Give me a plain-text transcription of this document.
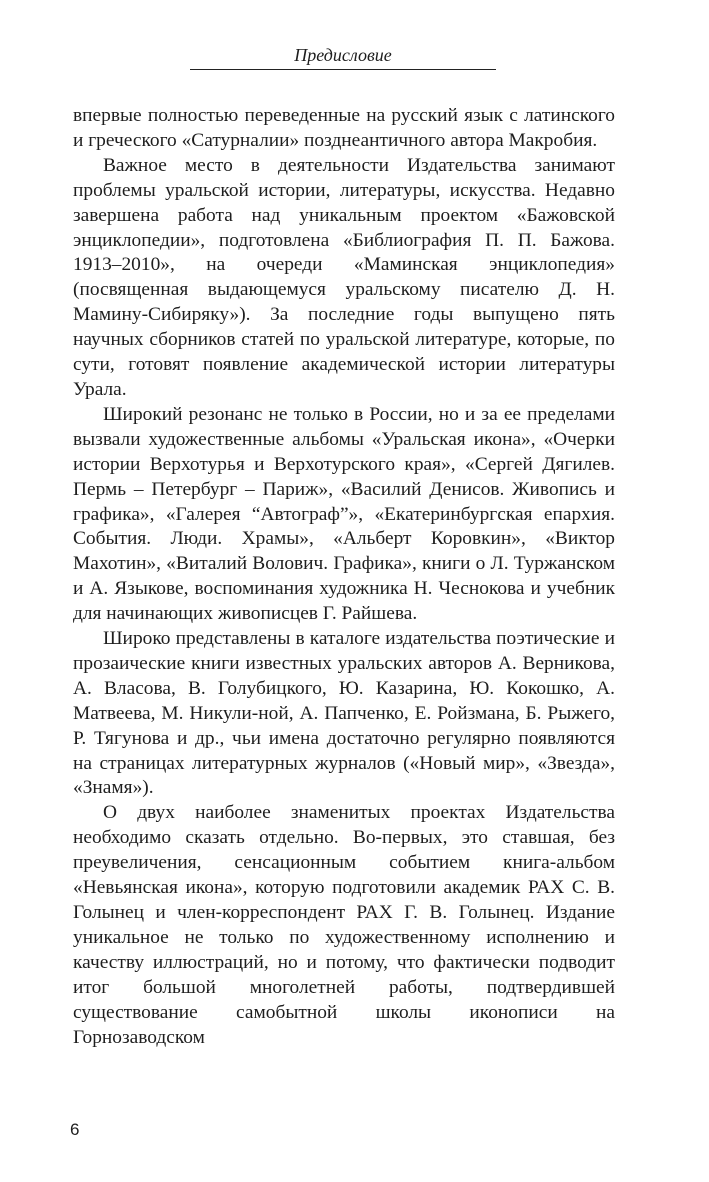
Предисловие

впервые полностью переведенные на русский язык с латинского и греческого «Сатурналии» позднеантичного автора Макробия.

Важное место в деятельности Издательства занимают проблемы уральской истории, литературы, искусства. Недавно завершена работа над уникальным проектом «Бажовской энциклопедии», подготовлена «Библиография П. П. Бажова. 1913–2010», на очереди «Маминская энциклопедия» (посвященная выдающемуся уральскому писателю Д. Н. Мамину-Сибиряку»). За последние годы выпущено пять научных сборников статей по уральской литературе, которые, по сути, готовят появление академической истории литературы Урала.

Широкий резонанс не только в России, но и за ее пределами вызвали художественные альбомы «Уральская икона», «Очерки истории Верхотурья и Верхотурского края», «Сергей Дягилев. Пермь – Петербург – Париж», «Василий Денисов. Живопись и графика», «Галерея “Автограф”», «Екатеринбургская епархия. События. Люди. Храмы», «Альберт Коровкин», «Виктор Махотин», «Виталий Волович. Графика», книги о Л. Туржанском и А. Языкове, воспоминания художника Н. Чеснокова и учебник для начинающих живописцев Г. Райшева.

Широко представлены в каталоге издательства поэтические и прозаические книги известных уральских авторов А. Верникова, А. Власова, В. Голубицкого, Ю. Казарина, Ю. Кокошко, А. Матвеева, М. Никули-ной, А. Папченко, Е. Ройзмана, Б. Рыжего, Р. Тягунова и др., чьи имена достаточно регулярно появляются на страницах литературных журналов («Новый мир», «Звезда», «Знамя»).

О двух наиболее знаменитых проектах Издательства необходимо сказать отдельно. Во-первых, это ставшая, без преувеличения, сенсационным событием книга-альбом «Невьянская икона», которую подготовили академик РАХ С. В. Голынец и член-корреспондент РАХ Г. В. Голынец. Издание уникальное не только по художественному исполнению и качеству иллюстраций, но и потому, что фактически подводит итог большой многолетней работы, подтвердившей существование самобытной школы иконописи на Горнозаводском

6
